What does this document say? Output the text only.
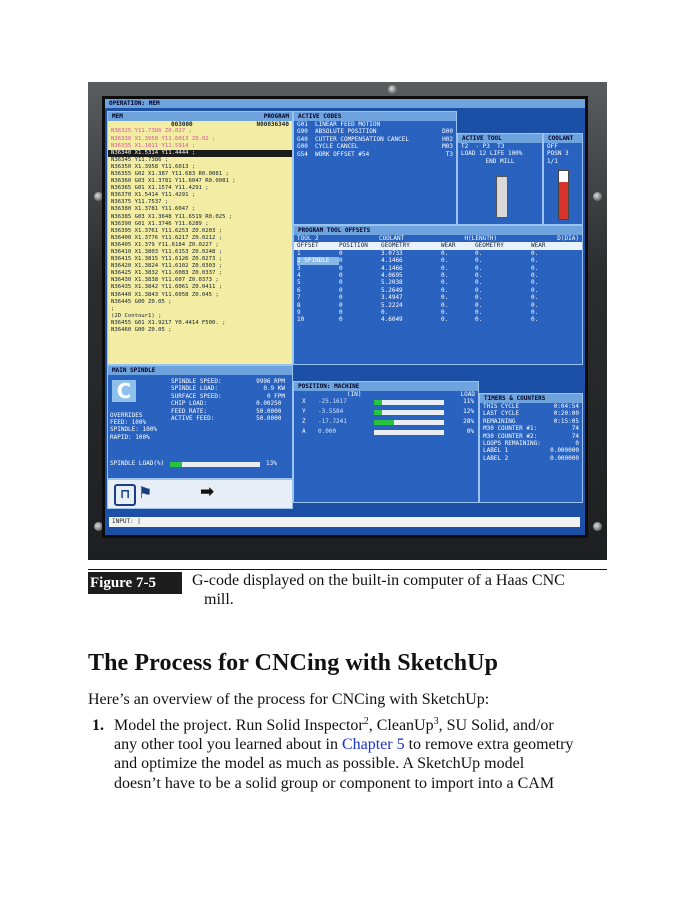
OPERATION: MEM
MEM	PROGRAM
003000	N00036340
N36325 Y11.7386 Z0.027 ;
N36330 X1.3958 Y11.6013 Z0.02 ;
N36335 X1.1811 Y11.5914 ;
N36340 X1.5314 Y11.4444 ;
N36345 Y11.7386 ;
N36350 X1.3958 Y11.6013 ;
N36355 G02 X1.387 Y11.683 R0.0081 ;
N36360 G03 X1.3781 Y11.6047 R0.0081 ;
N36365 G01 X1.1574 Y11.4291 ;
N36370 X1.5414 Y11.4291 ;
N36375 Y11.7537 ;
N36380 X1.3781 Y11.6047 ;
N36385 G03 X1.3648 Y11.6519 R0.025 ;
N36390 G01 X1.3746 Y11.6289 ;
N36395 X1.3761 Y11.6253 Z0.0203 ;
N36400 X1.3776 Y11.6217 Z0.0212 ;
N36405 X1.379 Y11.6184 Z0.0227 ;
N36410 X1.3803 Y11.6153 Z0.0248 ;
N36415 X1.3815 Y11.6126 Z0.0273 ;
N36420 X1.3824 Y11.6102 Z0.0303 ;
N36425 X1.3832 Y11.6083 Z0.0337 ;
N36430 X1.3838 Y11.607 Z0.0373 ;
N36435 X1.3842 Y11.6061 Z0.0411 ;
N36440 X1.3843 Y11.6058 Z0.045 ;
N36445 G00 Z0.05 ;
;
(2D Contour1) ;
N36455 G01 X1.9217 Y0.4414 F500. ;
N36460 G00 Z0.05 ;
ACTIVE CODES
G01  LINEAR FEED MOTION
G90  ABSOLUTE POSITION	D00
G40  CUTTER COMPENSATION CANCEL	H02
G00  CYCLE CANCEL	M03
G54  WORK OFFSET #54	T3
ACTIVE TOOL
T2  - P3  T3
LOAD 12 LIFE 100%
END MILL
COOLANT
OFF
POSN 3
1/1
PROGRAM TOOL OFFSETS
TOOL 2	COOLANT	H(LENGTH)	D(DIA)
OFFSET	POSITION	GEOMETRY	WEAR	GEOMETRY	WEAR
1	0	3.0733	0.	0.	0.
2 SPINDLE	0	4.1466	0.	0.	0.
3	0	4.1466	0.	0.	0.
4	0	4.0695	0.	0.	0.
5	0	5.2038	0.	0.	0.
6	0	5.2649	0.	0.	0.
7	0	3.4947	0.	0.	0.
8	0	5.2224	0.	0.	0.
9	0	0.	0.	0.	0.
10	0	4.6049	0.	0.	0.
MAIN SPINDLE
C	SPINDLE SPEED:	9996 RPM
SPINDLE LOAD:	0.9 KW
SURFACE SPEED:	0 FPM
CHIP LOAD:	0.00250
FEED RATE:	50.0000
ACTIVE FEED:	50.0000
OVERRIDES
FEED: 100%
SPINDLE: 100%
RAPID: 100%
SPINDLE LOAD(%)	13%
POSITION: MACHINE
(IN)	LOAD
X -25.1617	11%
Y -3.5584	12%
Z -17.7241	28%
A 0.000	0%
TIMERS & COUNTERS
THIS CYCLE	0:04:54
LAST CYCLE	0:20:00
REMAINING	0:15:05
M30 COUNTER #1:	74
M30 COUNTER #2:	74
LOOPS REMAINING:	0
LABEL 1	0.000000
LABEL 2	0.000000
⊓ ⚑	➡
INPUT: |
Figure 7-5	G-code displayed on the built-in computer of a Haas CNC
mill.
The Process for CNCing with SketchUp

Here’s an overview of the process for CNCing with SketchUp:

1. Model the project. Run Solid Inspector$^2$, CleanUp$^3$, SU Solid, and/or
any other tool you learned about in Chapter 5 to remove extra geometry
and optimize the model as much as possible. A SketchUp model
doesn’t have to be a solid group or component to import into a CAM
